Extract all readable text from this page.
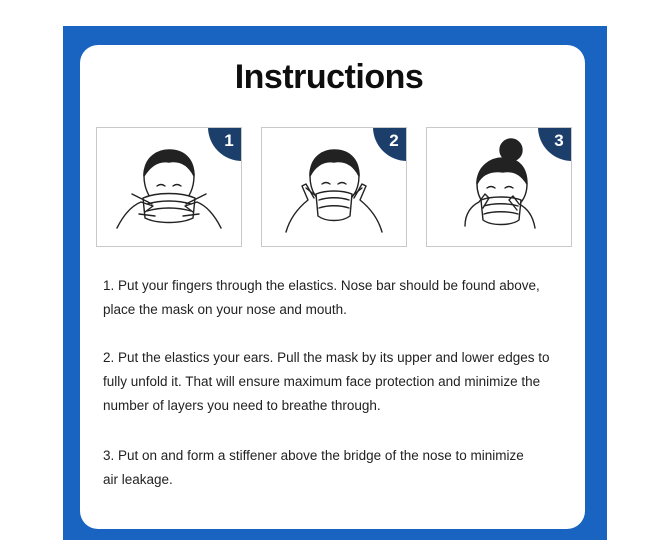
Instructions
1	2	3
1. Put your fingers through the elastics. Nose bar should be found above,
place the mask on your nose and mouth.
2. Put the elastics your ears. Pull the mask by its upper and lower edges to
fully unfold it. That will ensure maximum face protection and minimize the
number of layers you need to breathe through.
3. Put on and form a stiffener above the bridge of the nose to minimize
air leakage.
